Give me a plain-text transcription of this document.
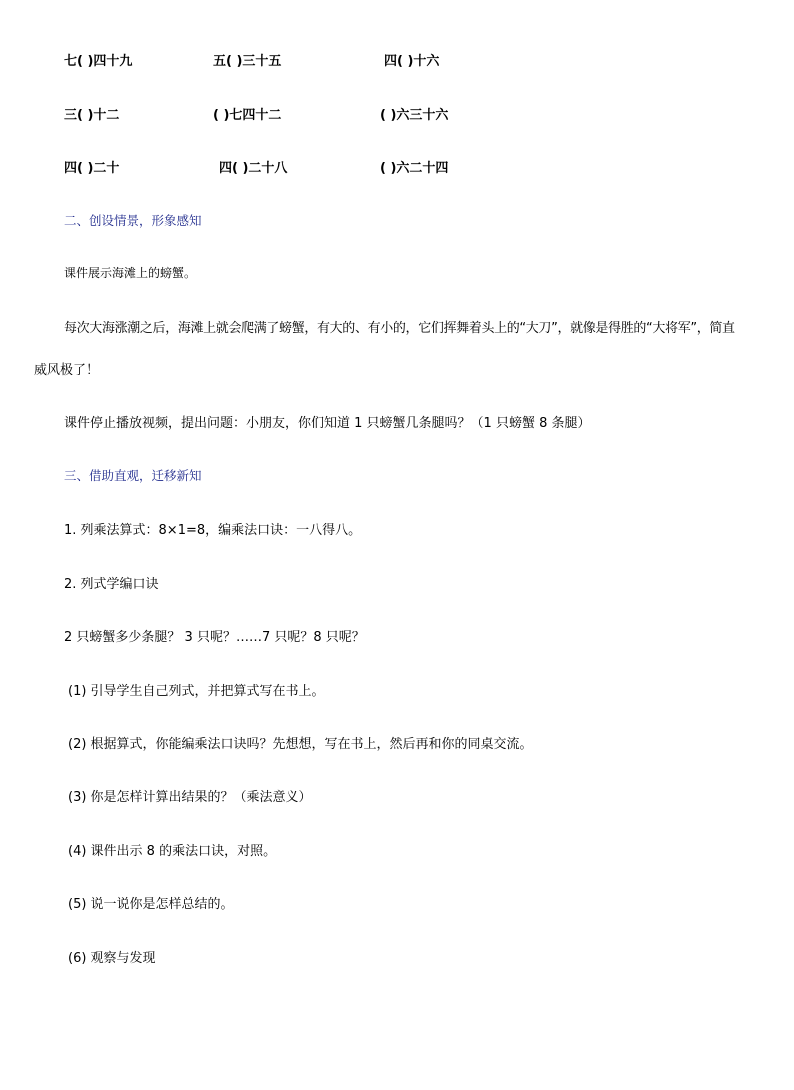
七( )四十九	五( )三十五	四( )十六
三( )十二	( )七四十二	( )六三十六
四( )二十	四( )二十八	( )六二十四
二、创设情景，形象感知
课件展示海滩上的螃蟹。
每次大海涨潮之后，海滩上就会爬满了螃蟹，有大的、有小的，它们挥舞着头上的“大刀”，就像是得胜的“大将军”，简直
威风极了！
课件停止播放视频，提出问题：小朋友，你们知道 1 只螃蟹几条腿吗？（1 只螃蟹 8 条腿）
三、借助直观，迁移新知
1. 列乘法算式：8×1=8，编乘法口诀：一八得八。
2. 列式学编口诀
2 只螃蟹多少条腿？ 3 只呢？……7 只呢？8 只呢？
(1) 引导学生自己列式，并把算式写在书上。
(2) 根据算式，你能编乘法口诀吗？先想想，写在书上，然后再和你的同桌交流。
(3) 你是怎样计算出结果的？（乘法意义）
(4) 课件出示 8 的乘法口诀，对照。
(5) 说一说你是怎样总结的。
(6) 观察与发现
